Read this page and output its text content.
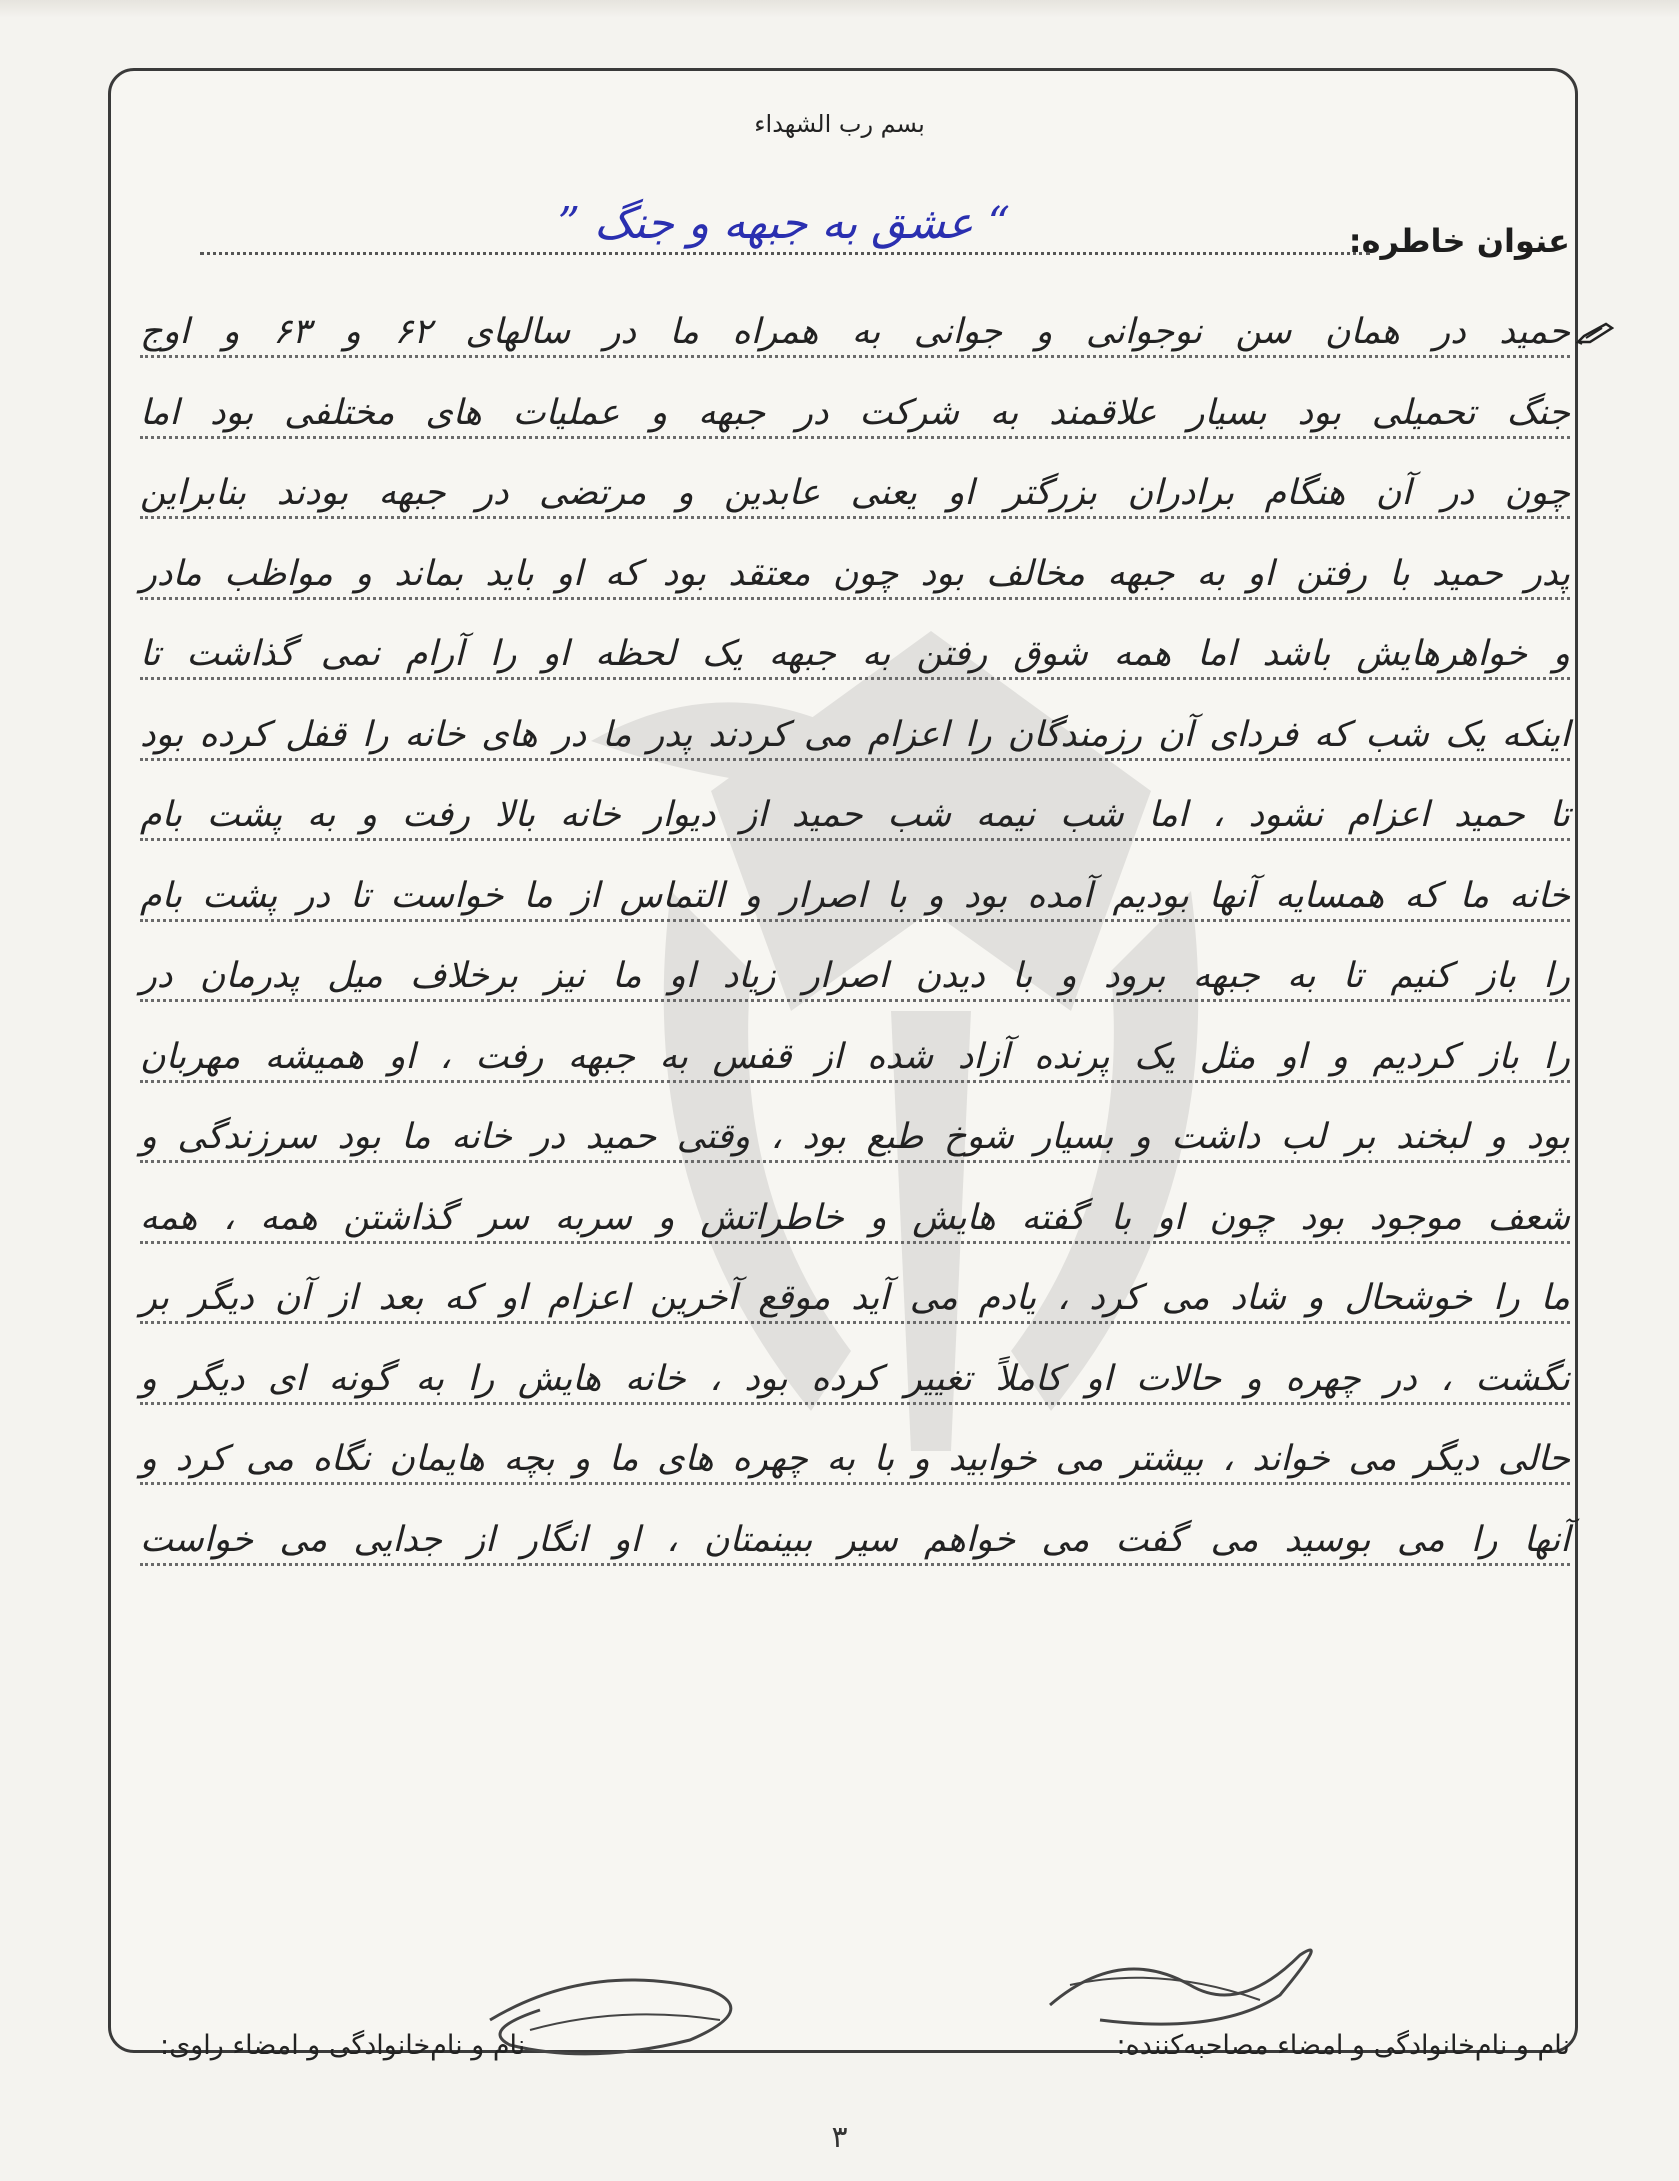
بسم رب الشهداء
عنوان خاطره:
“ عشق به جبهه و جنگ ”
حمید در همان سن نوجوانی و جوانی به همراه ما در سالهای ۶۲ و ۶۳ و اوج
جنگ تحمیلی بود بسیار علاقمند به شرکت در جبهه و عملیات های مختلفی بود اما
چون در آن هنگام برادران بزرگتر او یعنی عابدین و مرتضی در جبهه بودند بنابراین
پدر حمید با رفتن او به جبهه مخالف بود چون معتقد بود که او باید بماند و مواظب مادر
و خواهرهایش باشد اما همه شوق رفتن به جبهه یک لحظه او را آرام نمی گذاشت تا
اینکه یک شب که فردای آن رزمندگان را اعزام می کردند پدر ما در های خانه را قفل کرده بود
تا حمید اعزام نشود ، اما شب نیمه شب حمید از دیوار خانه بالا رفت و به پشت بام
خانه ما که همسایه آنها بودیم آمده بود و با اصرار و التماس از ما خواست تا در پشت بام
را باز کنیم تا به جبهه برود و با دیدن اصرار زیاد او ما نیز برخلاف میل پدرمان در
را باز کردیم و او مثل یک پرنده آزاد شده از قفس به جبهه رفت ، او همیشه مهربان
بود و لبخند بر لب داشت و بسیار شوخ طبع بود ، وقتی حمید در خانه ما بود سرزندگی و
شعف موجود بود چون او با گفته هایش و خاطراتش و سربه سر گذاشتن همه ، همه
ما را خوشحال و شاد می کرد ، یادم می آید موقع آخرین اعزام او که بعد از آن دیگر بر
نگشت ، در چهره و حالات او کاملاً تغییر کرده بود ، خانه هایش را به گونه ای دیگر و
حالی دیگر می خواند ، بیشتر می خوابید و با به چهره های ما و بچه هایمان نگاه می کرد و
آنها را می بوسید می گفت می خواهم سیر ببینمتان ، او انگار از جدایی می خواست
نام و نام‌خانوادگی و امضاء مصاحبه‌کننده:
نام و نام‌خانوادگی و امضاء راوی:
۳
